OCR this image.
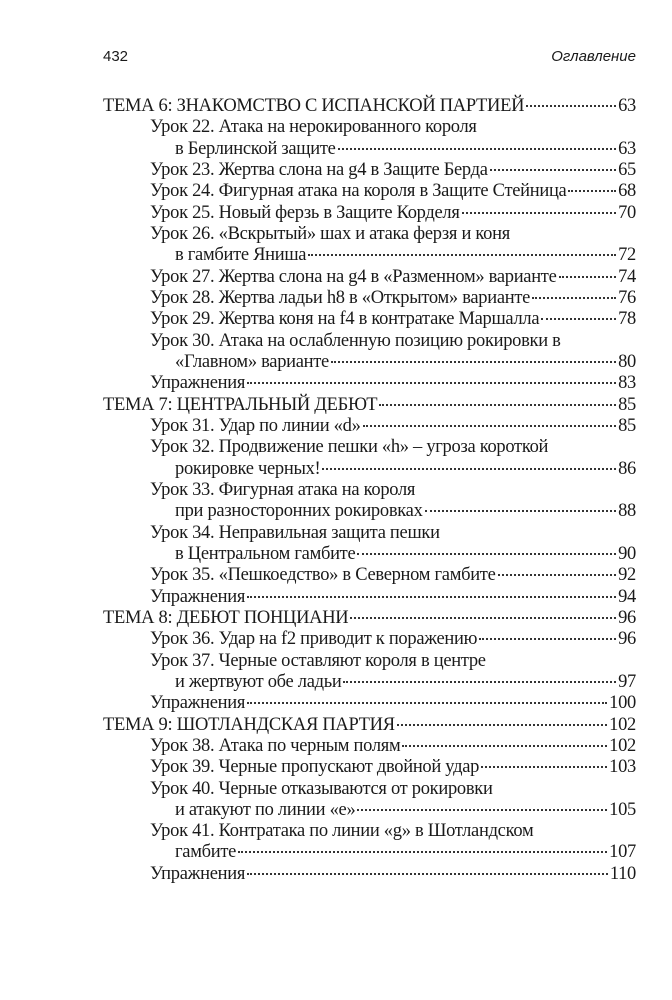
432	Оглавление
ТЕМА 6: ЗНАКОМСТВО С ИСПАНСКОЙ ПАРТИЕЙ	63
Урок 22. Атака на нерокированного короля
в Берлинской защите	63
Урок 23. Жертва слона на g4 в Защите Берда	65
Урок 24. Фигурная атака на короля в Защите Стейница	68
Урок 25. Новый ферзь в Защите Корделя	70
Урок 26. «Вскрытый» шах и атака ферзя и коня
в гамбите Яниша	72
Урок 27. Жертва слона на g4 в «Разменном» варианте	74
Урок 28. Жертва ладьи h8 в «Открытом» варианте	76
Урок 29. Жертва коня на f4 в контратаке Маршалла	78
Урок 30. Атака на ослабленную позицию рокировки в
«Главном» варианте	80
Упражнения	83
ТЕМА 7: ЦЕНТРАЛЬНЫЙ ДЕБЮТ	85
Урок 31. Удар по линии «d»	85
Урок 32. Продвижение пешки «h» – угроза короткой
рокировке черных!	86
Урок 33. Фигурная атака на короля
при разносторонних рокировках	88
Урок 34. Неправильная защита пешки
в Центральном гамбите	90
Урок 35. «Пешкоедство» в Северном гамбите	92
Упражнения	94
ТЕМА 8: ДЕБЮТ ПОНЦИАНИ	96
Урок 36. Удар на f2 приводит к поражению	96
Урок 37. Черные оставляют короля в центре
и жертвуют обе ладьи	97
Упражнения	100
ТЕМА 9: ШОТЛАНДСКАЯ ПАРТИЯ	102
Урок 38. Атака по черным полям	102
Урок 39. Черные пропускают двойной удар	103
Урок 40. Черные отказываются от рокировки
и атакуют по линии «е»	105
Урок 41. Контратака по линии «g» в Шотландском
гамбите	107
Упражнения	110
